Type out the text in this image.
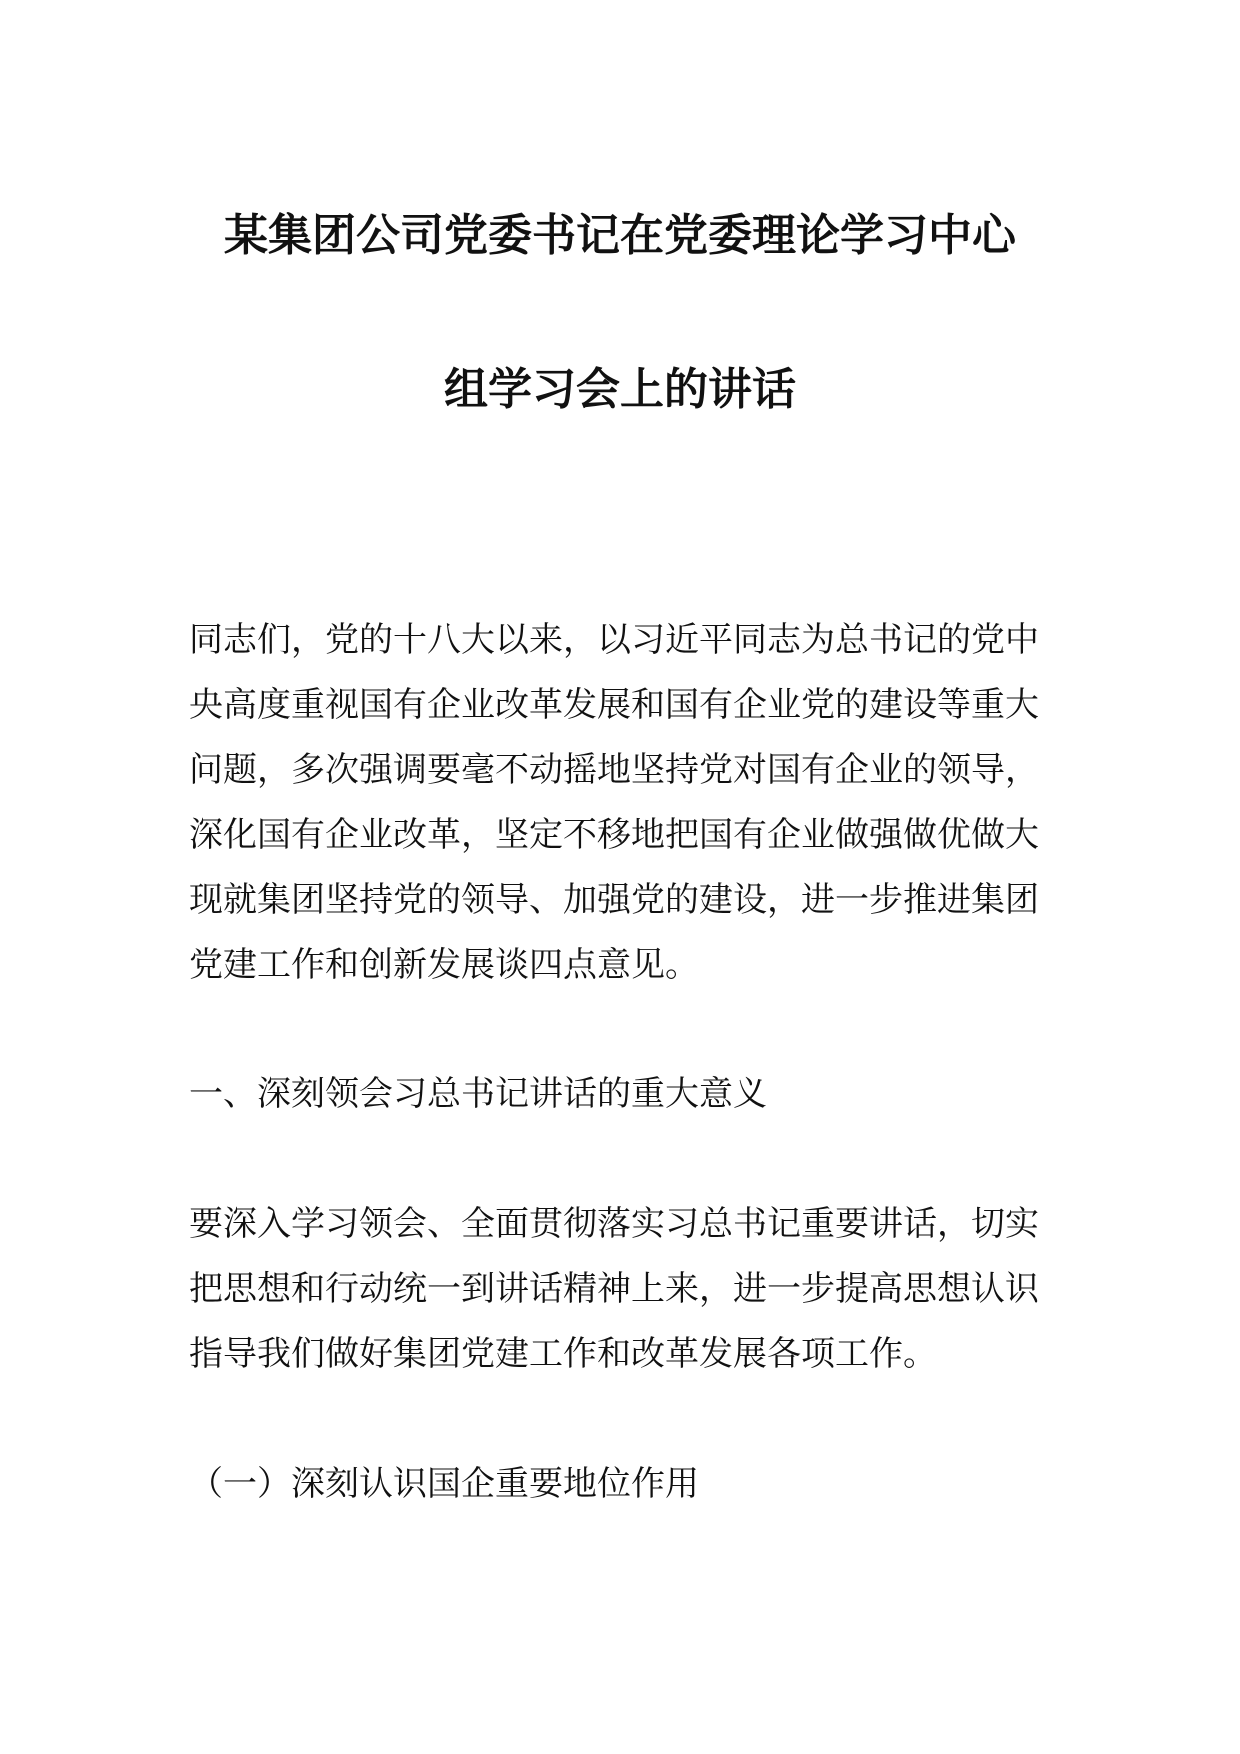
某集团公司党委书记在党委理论学习中心
组学习会上的讲话
同志们，党的十八大以来，以习近平同志为总书记的党中
央高度重视国有企业改革发展和国有企业党的建设等重大
问题，多次强调要毫不动摇地坚持党对国有企业的领导，
深化国有企业改革，坚定不移地把国有企业做强做优做大
现就集团坚持党的领导、加强党的建设，进一步推进集团
党建工作和创新发展谈四点意见。
一、深刻领会习总书记讲话的重大意义
要深入学习领会、全面贯彻落实习总书记重要讲话，切实
把思想和行动统一到讲话精神上来，进一步提高思想认识
指导我们做好集团党建工作和改革发展各项工作。
（一）深刻认识国企重要地位作用
